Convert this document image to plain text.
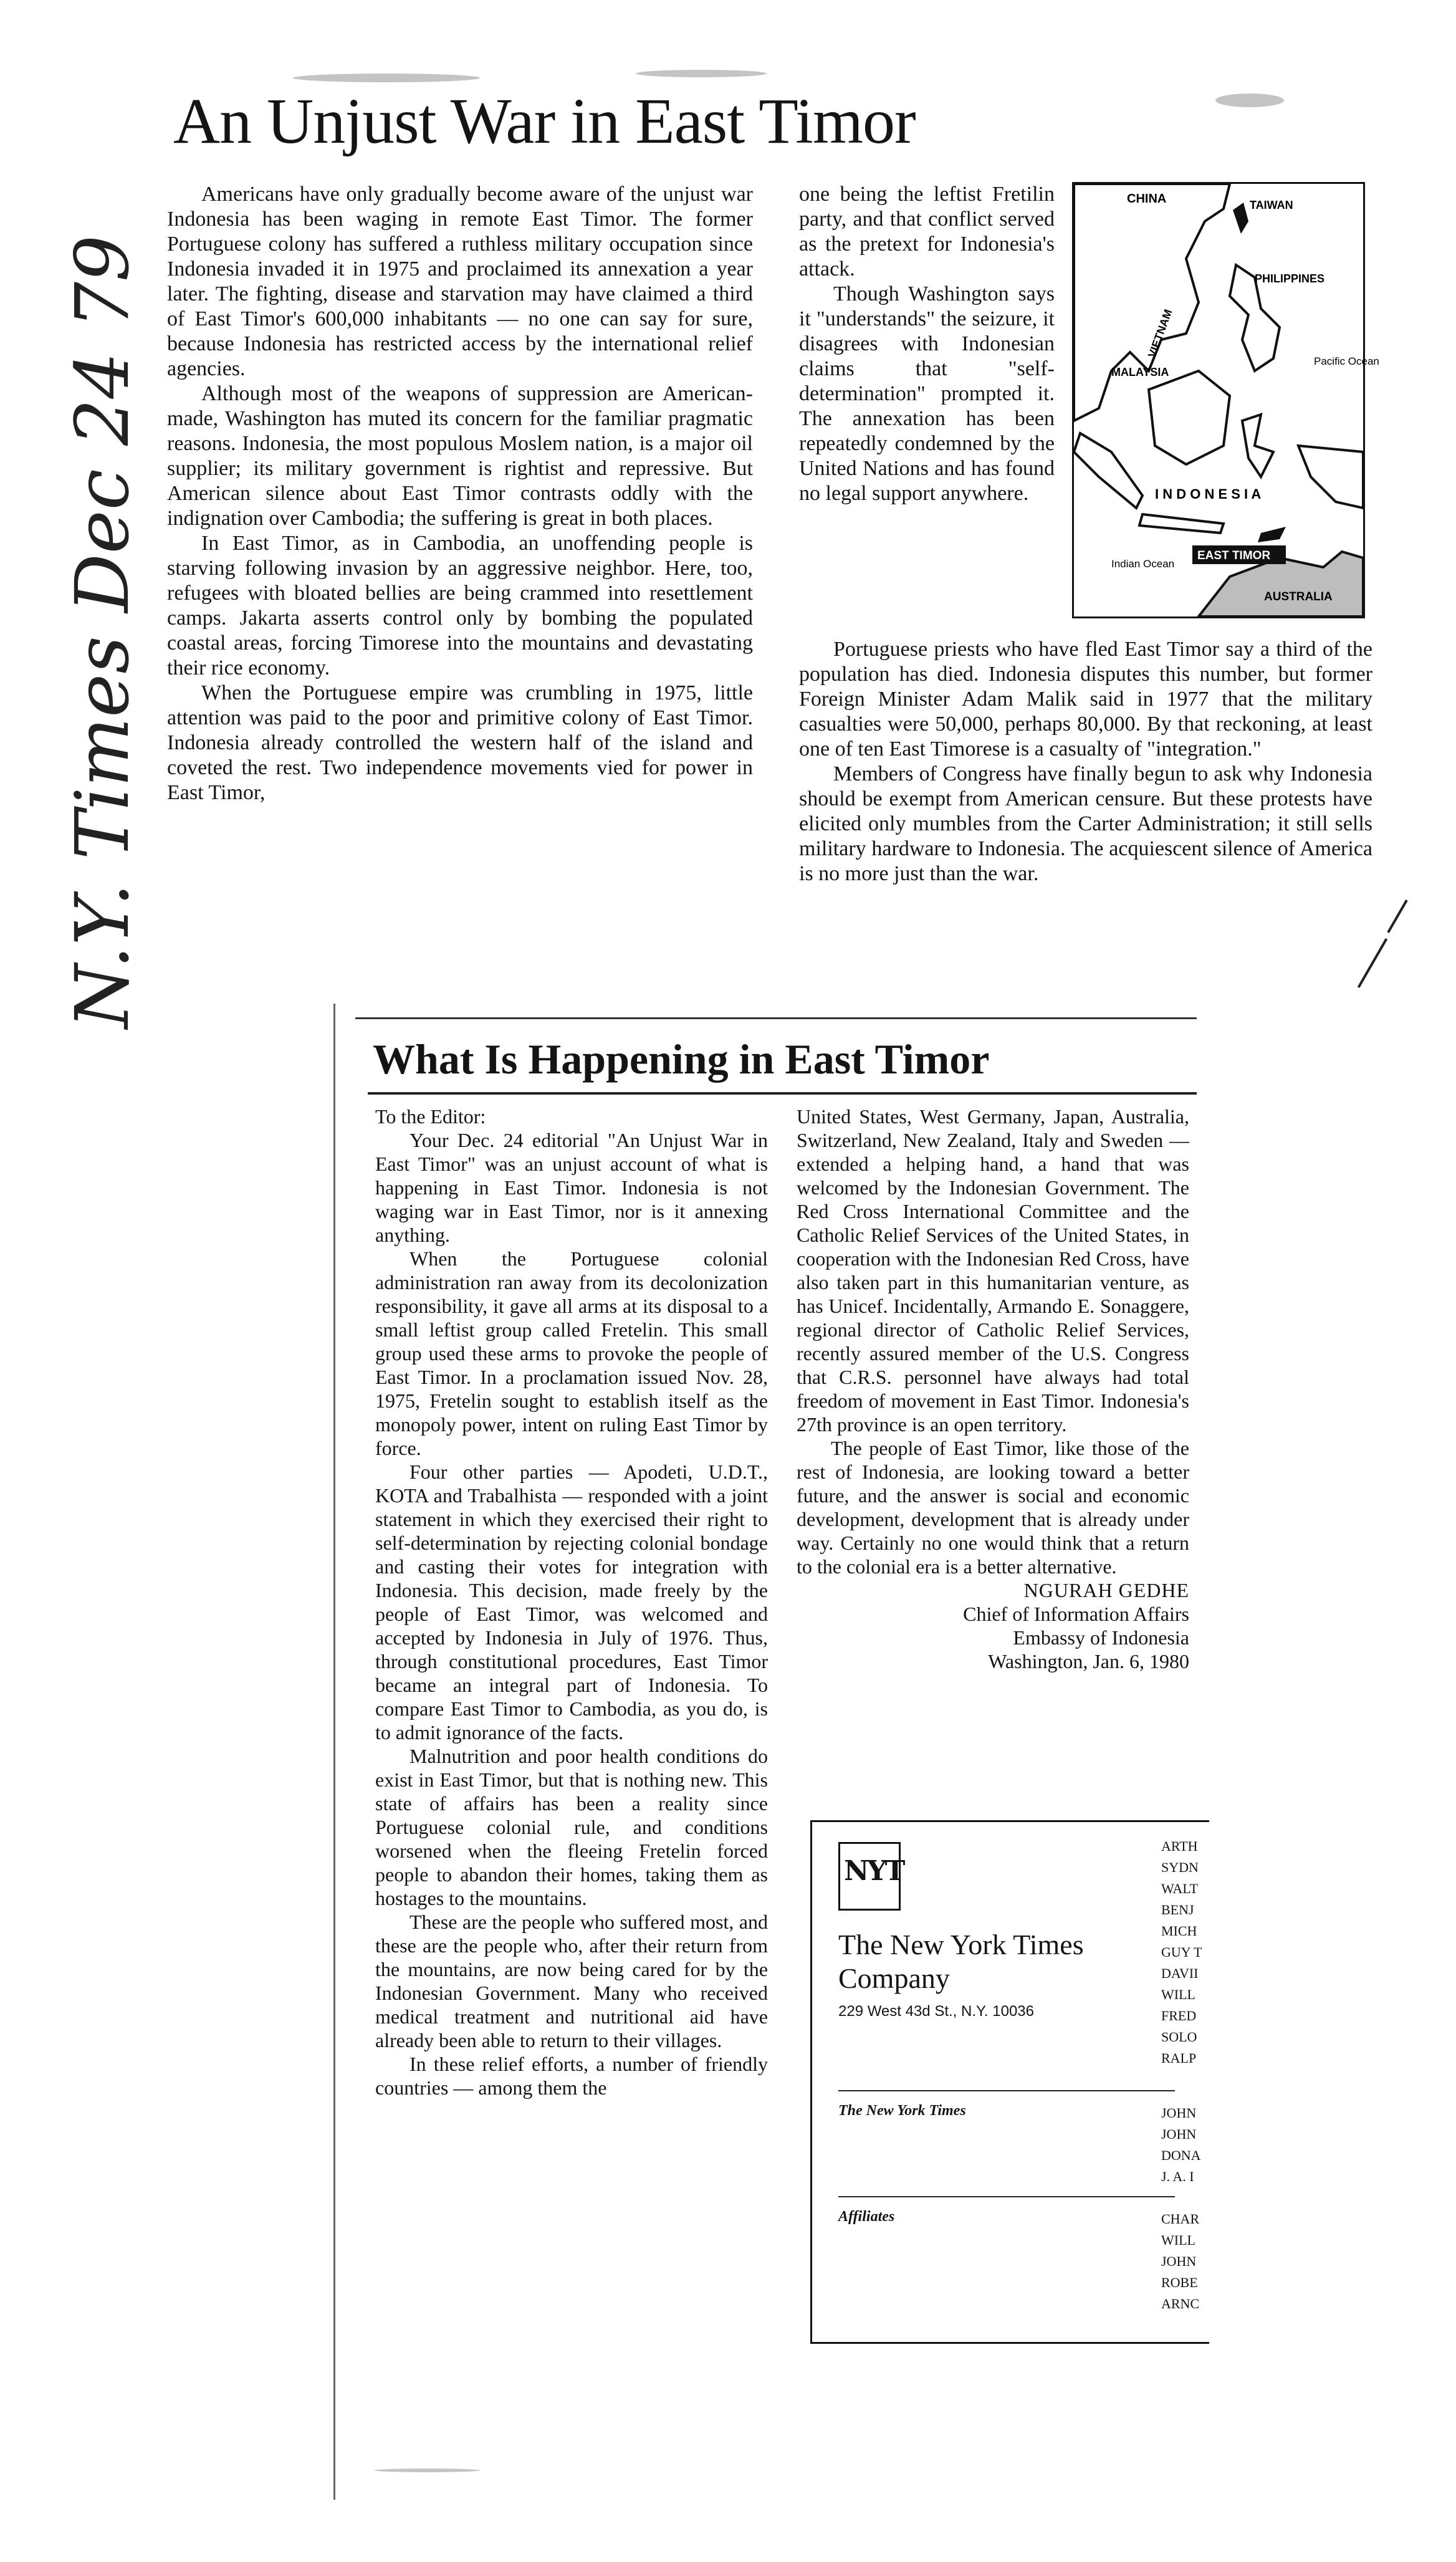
An Unjust War in East Timor
N.Y. Times Dec 24 79

Americans have only gradually become aware of the unjust war Indonesia has been waging in remote East Timor. The former Portuguese colony has suffered a ruthless military occupation since Indonesia invaded it in 1975 and proclaimed its annexation a year later. The fighting, disease and starvation may have claimed a third of East Timor's 600,000 inhabitants — no one can say for sure, because Indonesia has restricted access by the international relief agencies.

Although most of the weapons of suppression are American-made, Washington has muted its concern for the familiar pragmatic reasons. Indonesia, the most populous Moslem nation, is a major oil supplier; its military government is rightist and repressive. But American silence about East Timor contrasts oddly with the indignation over Cambodia; the suffering is great in both places.

In East Timor, as in Cambodia, an unoffending people is starving following invasion by an aggressive neighbor. Here, too, refugees with bloated bellies are being crammed into resettlement camps. Jakarta asserts control only by bombing the populated coastal areas, forcing Timorese into the mountains and devastating their rice economy.

When the Portuguese empire was crumbling in 1975, little attention was paid to the poor and primitive colony of East Timor. Indonesia already controlled the western half of the island and coveted the rest. Two independence movements vied for power in East Timor,

one being the leftist Fretilin party, and that conflict served as the pretext for Indonesia's attack.

Though Washington says it "understands" the seizure, it disagrees with Indonesian claims that "self-determination" prompted it. The annexation has been repeatedly condemned by the United Nations and has found no legal support anywhere.

CHINA	TAIWAN
VIETNAM
PHILIPPINES
MALAYSIA
Pacific Ocean
I N D O N E S I A
EAST TIMOR
Indian Ocean
AUSTRALIA

Portuguese priests who have fled East Timor say a third of the population has died. Indonesia disputes this number, but former Foreign Minister Adam Malik said in 1977 that the military casualties were 50,000, perhaps 80,000. By that reckoning, at least one of ten East Timorese is a casualty of "integration."

Members of Congress have finally begun to ask why Indonesia should be exempt from American censure. But these protests have elicited only mumbles from the Carter Administration; it still sells military hardware to Indonesia. The acquiescent silence of America is no more just than the war.

What Is Happening in East Timor

To the Editor:

Your Dec. 24 editorial "An Unjust War in East Timor" was an unjust account of what is happening in East Timor. Indonesia is not waging war in East Timor, nor is it annexing anything.

When the Portuguese colonial administration ran away from its decolonization responsibility, it gave all arms at its disposal to a small leftist group called Fretelin. This small group used these arms to provoke the people of East Timor. In a proclamation issued Nov. 28, 1975, Fretelin sought to establish itself as the monopoly power, intent on ruling East Timor by force.

Four other parties — Apodeti, U.D.T., KOTA and Trabalhista — responded with a joint statement in which they exercised their right to self-determination by rejecting colonial bondage and casting their votes for integration with Indonesia. This decision, made freely by the people of East Timor, was welcomed and accepted by Indonesia in July of 1976. Thus, through constitutional procedures, East Timor became an integral part of Indonesia. To compare East Timor to Cambodia, as you do, is to admit ignorance of the facts.

Malnutrition and poor health conditions do exist in East Timor, but that is nothing new. This state of affairs has been a reality since Portuguese colonial rule, and conditions worsened when the fleeing Fretelin forced people to abandon their homes, taking them as hostages to the mountains.

These are the people who suffered most, and these are the people who, after their return from the mountains, are now being cared for by the Indonesian Government. Many who received medical treatment and nutritional aid have already been able to return to their villages.

In these relief efforts, a number of friendly countries — among them the

United States, West Germany, Japan, Australia, Switzerland, New Zealand, Italy and Sweden — extended a helping hand, a hand that was welcomed by the Indonesian Government. The Red Cross International Committee and the Catholic Relief Services of the United States, in cooperation with the Indonesian Red Cross, have also taken part in this humanitarian venture, as has Unicef. Incidentally, Armando E. Sonaggere, regional director of Catholic Relief Services, recently assured member of the U.S. Congress that C.R.S. personnel have always had total freedom of movement in East Timor. Indonesia's 27th province is an open territory.

The people of East Timor, like those of the rest of Indonesia, are looking toward a better future, and the answer is social and economic development, development that is already under way. Certainly no one would think that a return to the colonial era is a better alternative.

NGURAH GEDHE

Chief of Information Affairs

Embassy of Indonesia

Washington, Jan. 6, 1980

NYT
The New York Times
Company
229 West 43d St., N.Y. 10036
The New York Times
Affiliates
ARTH
SYDN
WALT
BENJ
MICH
GUY T
DAVII
WILL
FRED
SOLO
RALP
JOHN
JOHN
DONA
J. A. I
CHAR
WILL
JOHN
ROBE
ARNC
